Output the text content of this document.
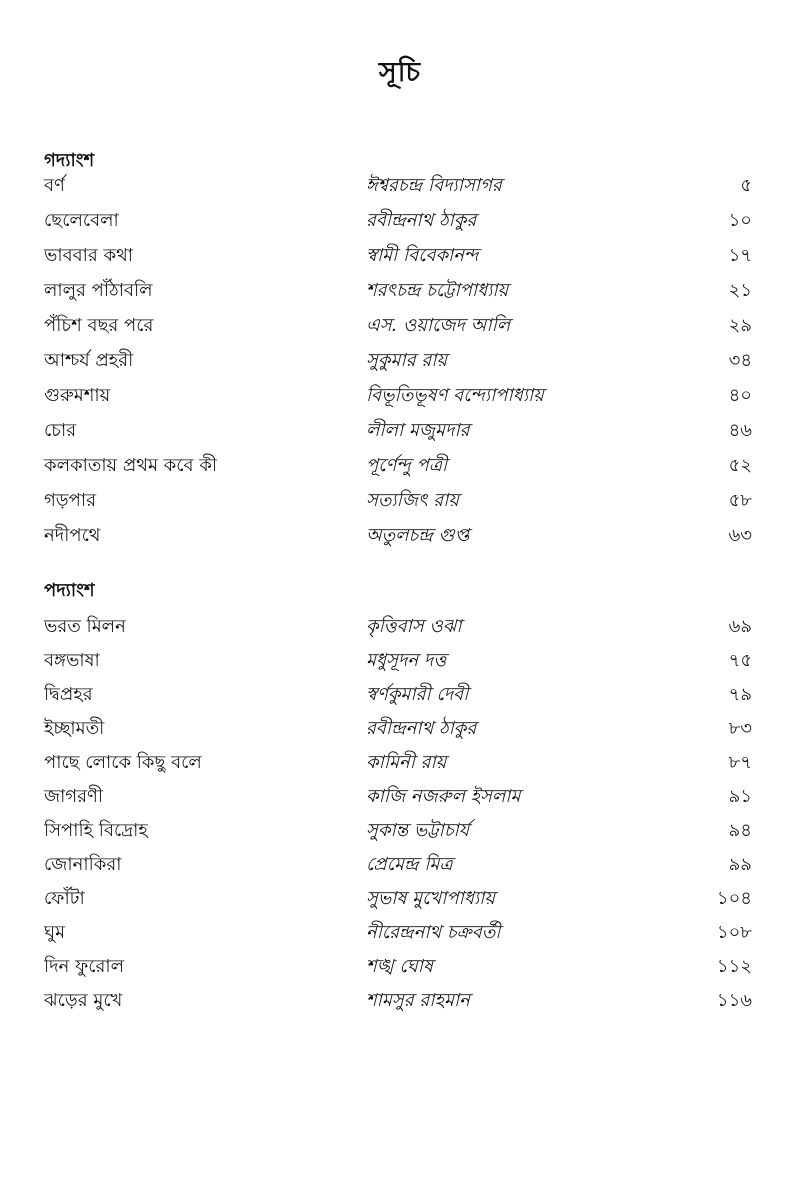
সূচি
গদ্যাংশ
বর্ণ	ঈশ্বরচন্দ্র বিদ্যাসাগর	৫
ছেলেবেলা	রবীন্দ্রনাথ ঠাকুর	১০
ভাববার কথা	স্বামী বিবেকানন্দ	১৭
লালুর পাঁঠাবলি	শরৎচন্দ্র চট্টোপাধ্যায়	২১
পঁচিশ বছর পরে	এস. ওয়াজেদ আলি	২৯
আশ্চর্য প্রহরী	সুকুমার রায়	৩৪
গুরুমশায়	বিভূতিভূষণ বন্দ্যোপাধ্যায়	৪০
চোর	লীলা মজুমদার	৪৬
কলকাতায় প্রথম কবে কী	পূর্ণেন্দু পত্রী	৫২
গড়পার	সত্যজিৎ রায়	৫৮
নদীপথে	অতুলচন্দ্র গুপ্ত	৬৩
পদ্যাংশ
ভরত মিলন	কৃত্তিবাস ওঝা	৬৯
বঙ্গভাষা	মধুসূদন দত্ত	৭৫
দ্বিপ্রহর	স্বর্ণকুমারী দেবী	৭৯
ইচ্ছামতী	রবীন্দ্রনাথ ঠাকুর	৮৩
পাছে লোকে কিছু বলে	কামিনী রায়	৮৭
জাগরণী	কাজি নজরুল ইসলাম	৯১
সিপাহি বিদ্রোহ	সুকান্ত ভট্টাচার্য	৯৪
জোনাকিরা	প্রেমেন্দ্র মিত্র	৯৯
ফোঁটা	সুভাষ মুখোপাধ্যায়	১০৪
ঘুম	নীরেন্দ্রনাথ চক্রবর্তী	১০৮
দিন ফুরোল	শঙ্খ ঘোষ	১১২
ঝড়ের মুখে	শামসুর রাহমান	১১৬
